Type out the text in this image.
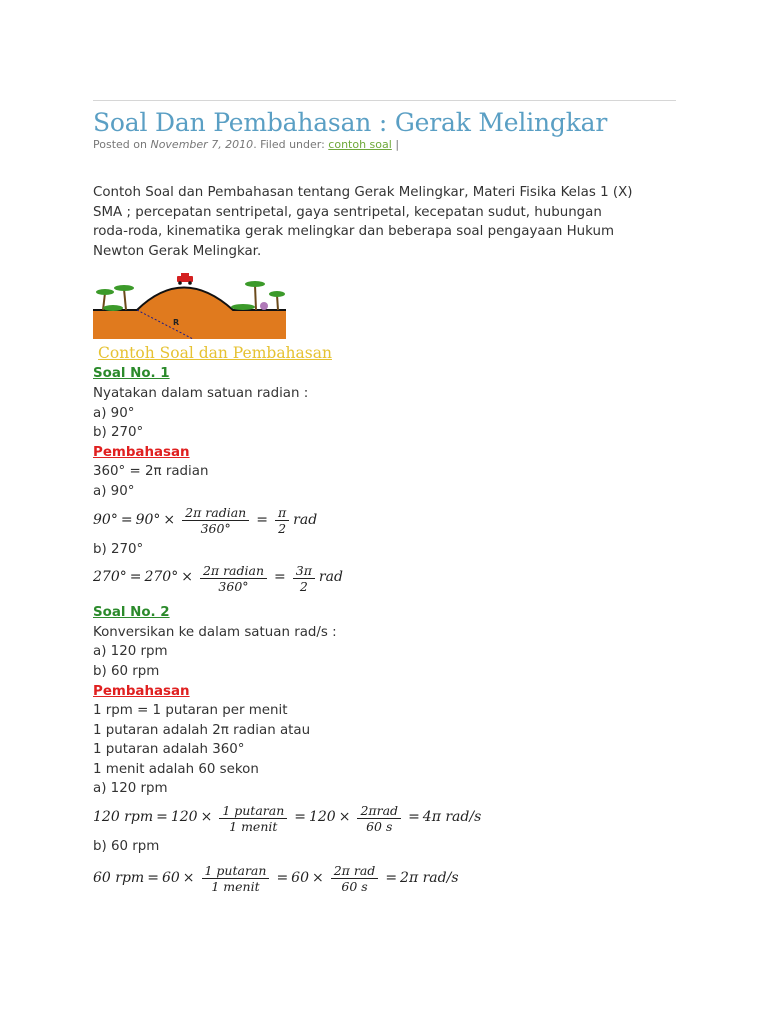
Soal Dan Pembahasan : Gerak Melingkar
Posted on November 7, 2010. Filed under: contoh soal |
Contoh Soal dan Pembahasan tentang Gerak Melingkar, Materi Fisika Kelas 1 (X)
SMA ; percepatan sentripetal, gaya sentripetal, kecepatan sudut, hubungan
roda-roda, kinematika gerak melingkar dan beberapa soal pengayaan Hukum
Newton Gerak Melingkar.
R
Contoh Soal dan Pembahasan
Soal No. 1
Nyatakan dalam satuan radian :
a) 90°
b) 270°
Pembahasan
360° = 2π radian
a) 90°
$90^\circ = 90^\circ \times \frac{\text{2π radian}}{360^\circ} = \frac{\pi}{2}$ rad
b) 270°
$270^\circ = 270^\circ \times \frac{\text{2π radian}}{360^\circ} = \frac{3\pi}{2}$ rad
Soal No. 2
Konversikan ke dalam satuan rad/s :
a) 120 rpm
b) 60 rpm
Pembahasan
1 rpm = 1 putaran per menit
1 putaran adalah 2π radian atau
1 putaran adalah 360°
1 menit adalah 60 sekon
a) 120 rpm
120 rpm = $120 \times \frac{\text{1 putaran}}{\text{1 menit}} = 120 \times \frac{\text{2πrad}}{60 s} = 4\pi$ rad/s
b) 60 rpm
60 rpm = $60 \times \frac{\text{1 putaran}}{\text{1 menit}} = 60 \times \frac{\text{2π rad}}{60 s} = 2\pi$ rad/s
